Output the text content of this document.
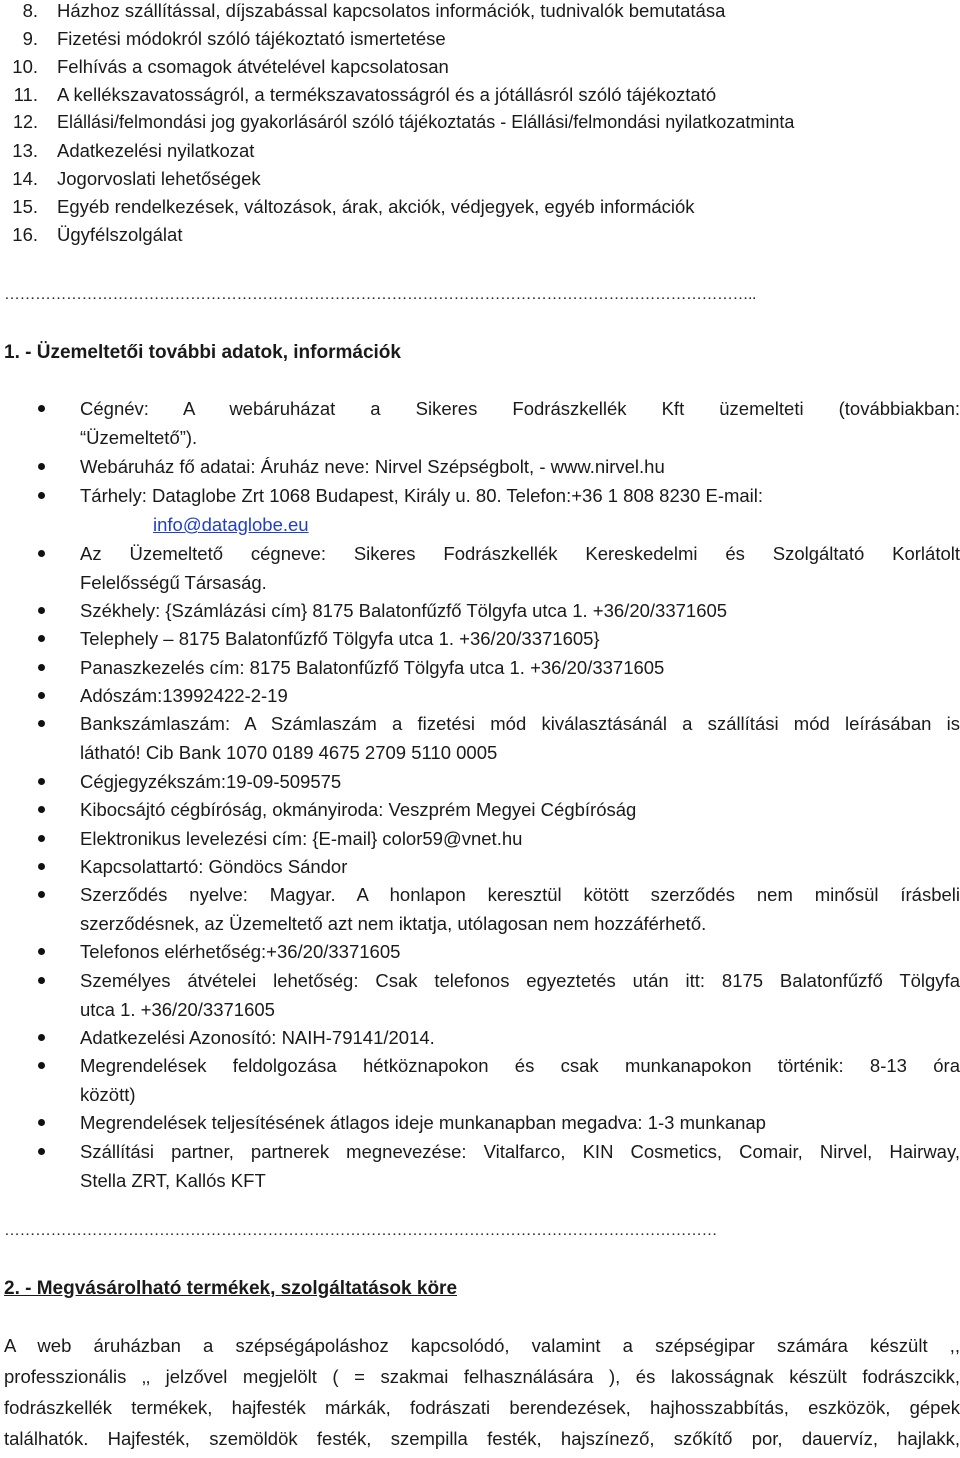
8. Házhoz szállítással, díjszabással kapcsolatos információk, tudnivalók bemutatása
9. Fizetési módokról szóló tájékoztató ismertetése
10. Felhívás a csomagok átvételével kapcsolatosan
11. A kellékszavatosságról, a termékszavatosságról és a jótállásról szóló tájékoztató
12. Elállási/felmondási jog gyakorlásáról szóló tájékoztatás - Elállási/felmondási nyilatkozatminta
13. Adatkezelési nyilatkozat
14. Jogorvoslati lehetőségek
15. Egyéb rendelkezések, változások, árak, akciók, védjegyek, egyéb információk
16. Ügyfélszolgálat
………………………………………………………………………………………………………………………………..
1. - Üzemeltetői további adatok, információk
Cégnév: A webáruházat a Sikeres Fodrászkellék Kft üzemelteti (továbbiakban:
“Üzemeltető”).
Webáruház fő adatai: Áruház neve: Nirvel Szépségbolt, - www.nirvel.hu
Tárhely: Dataglobe Zrt 1068 Budapest, Király u. 80. Telefon:+36 1 808 8230 E-mail:
info@dataglobe.eu
Az Üzemeltető cégneve: Sikeres Fodrászkellék Kereskedelmi és Szolgáltató Korlátolt
Felelősségű Társaság.
Székhely: {Számlázási cím} 8175 Balatonfűzfő Tölgyfa utca 1. +36/20/3371605
Telephely – 8175 Balatonfűzfő Tölgyfa utca 1. +36/20/3371605}
Panaszkezelés cím: 8175 Balatonfűzfő Tölgyfa utca 1. +36/20/3371605
Adószám:13992422-2-19
Bankszámlaszám: A Számlaszám a fizetési mód kiválasztásánál a szállítási mód leírásában is
látható! Cib Bank 1070 0189 4675 2709 5110 0005
Cégjegyzékszám:19-09-509575
Kibocsájtó cégbíróság, okmányiroda: Veszprém Megyei Cégbíróság
Elektronikus levelezési cím: {E-mail} color59@vnet.hu
Kapcsolattartó: Göndöcs Sándor
Szerződés nyelve: Magyar. A honlapon keresztül kötött szerződés nem minősül írásbeli
szerződésnek, az Üzemeltető azt nem iktatja, utólagosan nem hozzáférhető.
Telefonos elérhetőség:+36/20/3371605
Személyes átvételei lehetőség: Csak telefonos egyeztetés után itt: 8175 Balatonfűzfő Tölgyfa
utca 1. +36/20/3371605
Adatkezelési Azonosító: NAIH-79141/2014.
Megrendelések feldolgozása hétköznapokon és csak munkanapokon történik: 8-13 óra
között)
Megrendelések teljesítésének átlagos ideje munkanapban megadva: 1-3 munkanap
Szállítási partner, partnerek megnevezése: Vitalfarco, KIN Cosmetics, Comair, Nirvel, Hairway,
Stella ZRT, Kallós KFT
…………………………………………………………………………………………………………………………
2. - Megvásárolható termékek, szolgáltatások köre
A web áruházban a szépségápoláshoz kapcsolódó, valamint a szépségipar számára készült ,,
professzionális ‚‚ jelzővel megjelölt ( = szakmai felhasználására ), és lakosságnak készült fodrászcikk,
fodrászkellék termékek, hajfesték márkák, fodrászati berendezések, hajhosszabbítás, eszközök, gépek
találhatók. Hajfesték, szemöldök festék, szempilla festék, hajszínező, szőkítő por, dauervíz, hajlakk,
